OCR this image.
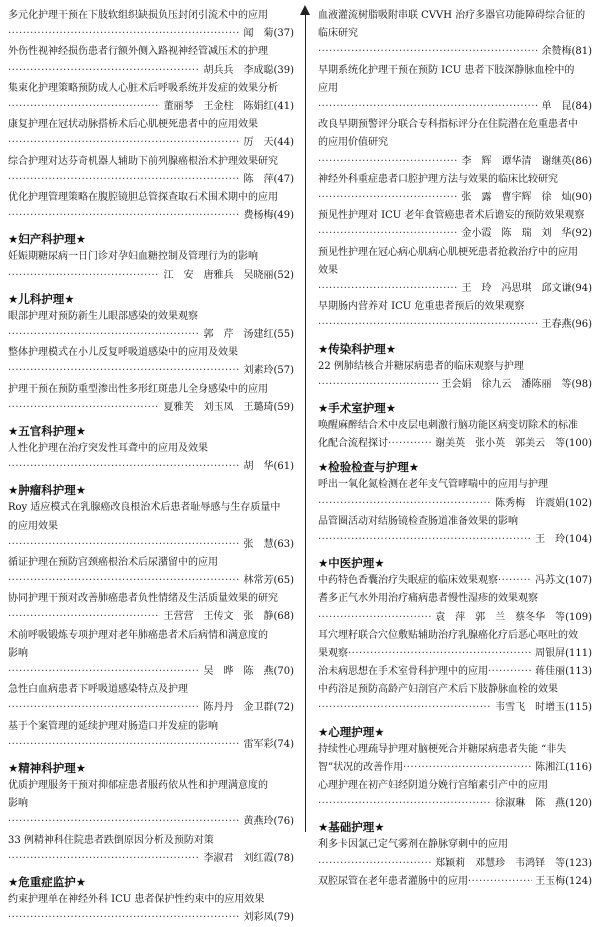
多元化护理干预在下肢软组织缺损负压封闭引流术中的应用
·····
闻　菊 (37)
外伤性视神经损伤患者行额外侧入路视神经管减压术的护理
·····
胡兵兵　李成聪 (39)
集束化护理策略预防成人心脏术后呼吸系统并发症的效果分析
·····
董丽琴　王金柱　陈娟红 (41)
康复护理在冠状动脉搭桥术后心肌梗死患者中的应用效果
·····
厉　天 (44)
综合护理对达芬奇机器人辅助下前列腺癌根治术护理效果研究
·····
陈　萍 (47)
优化护理管理策略在腹腔镜胆总管探查取石术围术期中的应用
·····
费杨梅 (49)
★妇产科护理★
妊娠期糖尿病一日门诊对孕妇血糖控制及管理行为的影响
·····
江　安　唐雅兵　吴晓丽 (52)
★儿科护理★
眼部护理对预防新生儿眼部感染的效果观察
·····
郭　芹　汤建红 (55)
整体护理模式在小儿反复呼吸道感染中的应用及效果
·····
刘素玲 (57)
护理干预在预防重型渗出性多形红斑患儿全身感染中的应用
·····
夏雅芙　刘玉凤　王璐琦 (59)
★五官科护理★
人性化护理在治疗突发性耳聋中的应用及效果
·····
胡　华 (61)
★肿瘤科护理★
Roy 适应模式在乳腺癌改良根治术后患者耻辱感与生存质量中
的应用效果
·····
张　慧 (63)
循证护理在预防宫颈癌根治术后尿潴留中的应用
·····
林常芳 (65)
协同护理干预对改善肺癌患者负性情绪及生活质量效果的研究
·····
王营营　王传文　张　静 (68)
术前呼吸锻炼专项护理对老年肺癌患者术后病情和满意度的
影响
·····
吴　晔　陈　燕 (70)
急性白血病患者下呼吸道感染特点及护理
·····
陈丹丹　金卫群 (72)
基于个案管理的延续护理对肠造口并发症的影响
·····
雷军彩 (74)
★精神科护理★
优质护理服务干预对抑郁症患者服药依从性和护理满意度的
影响
·····
黄燕玲 (76)
33 例精神科住院患者跌倒原因分析及预防对策
·····
李淑君　刘红霞 (78)
★危重症监护★
约束护理单在神经外科 ICU 患者保护性约束中的应用效果
·····
刘彩凤 (79)
血液灌流树脂吸附串联 CVVH 治疗多器官功能障碍综合征的
临床研究
·····
余赞梅 (81)
早期系统化护理干预在预防 ICU 患者下肢深静脉血栓中的
应用
·····
单　昆 (84)
改良早期预警评分联合专科指标评分在住院潜在危重患者中
的应用价值研究
·····
李　辉　谭华清　谢继英 (86)
神经外科重症患者口腔护理方法与效果的临床比较研究
·····
张　露　曹宇辉　徐　灿 (90)
预见性护理对 ICU 老年食管癌患者术后谵妄的预防效果观察
·····
金小霞　陈　瑞　刘　华 (92)
预见性护理在冠心病心肌病心肌梗死患者抢救治疗中的应用
效果
·····
王　玲　冯思琪　邱文谦 (94)
早期肠内营养对 ICU 危重患者预后的效果观察
·····
王春燕 (96)
★传染科护理★
22 例肺结核合并糖尿病患者的临床观察与护理
·····
王会娟　徐九云　潘陈丽　等 (98)
★手术室护理★
唤醒麻醉结合术中皮层电刺激行脑功能区病变切除术的标准
化配合流程探讨 ·····	谢美英　张小英　郭美云　等 (100)
★检验检查与护理★
呼出一氧化氮检测在老年支气管哮喘中的应用与护理
·····
陈秀梅　许震娟 (102)
品管圈活动对结肠镜检查肠道准备效果的影响
·····
王　玲 (104)
★中医护理★
中药特色香囊治疗失眠症的临床效果观察 ·····	冯苏文 (107)
耆多正气水外用治疗痛病患者慢性湿疹的效果观察
·····
袁　萍　郭　兰　蔡冬华　等 (109)
耳穴埋籽联合穴位敷贴辅助治疗乳腺癌化疗后恶心呕吐的效
果观察 ·····	周银屏 (111)
治未病思想在手术室骨科护理中的应用 ·····	蒋佳丽 (113)
中药浴足预防高龄产妇剖宫产术后下肢静脉血栓的效果
·····
韦雪飞　时增玉 (115)
★心理护理★
持续性心理疏导护理对脑梗死合并糖尿病患者失能 “非失
智”状况的改善作用 ·····	陈湘江 (116)
心理护理在初产妇经阴道分娩行宫缩素引产中的应用
·····
徐淑琳　陈　燕 (120)
★基础护理★
利多卡因氯己定气雾剂在静脉穿刺中的应用
·····
郑颖莉　邓慧珍　韦鸿铎　等 (123)
双腔尿管在老年患者灌肠中的应用 ·····	王玉梅 (124)
